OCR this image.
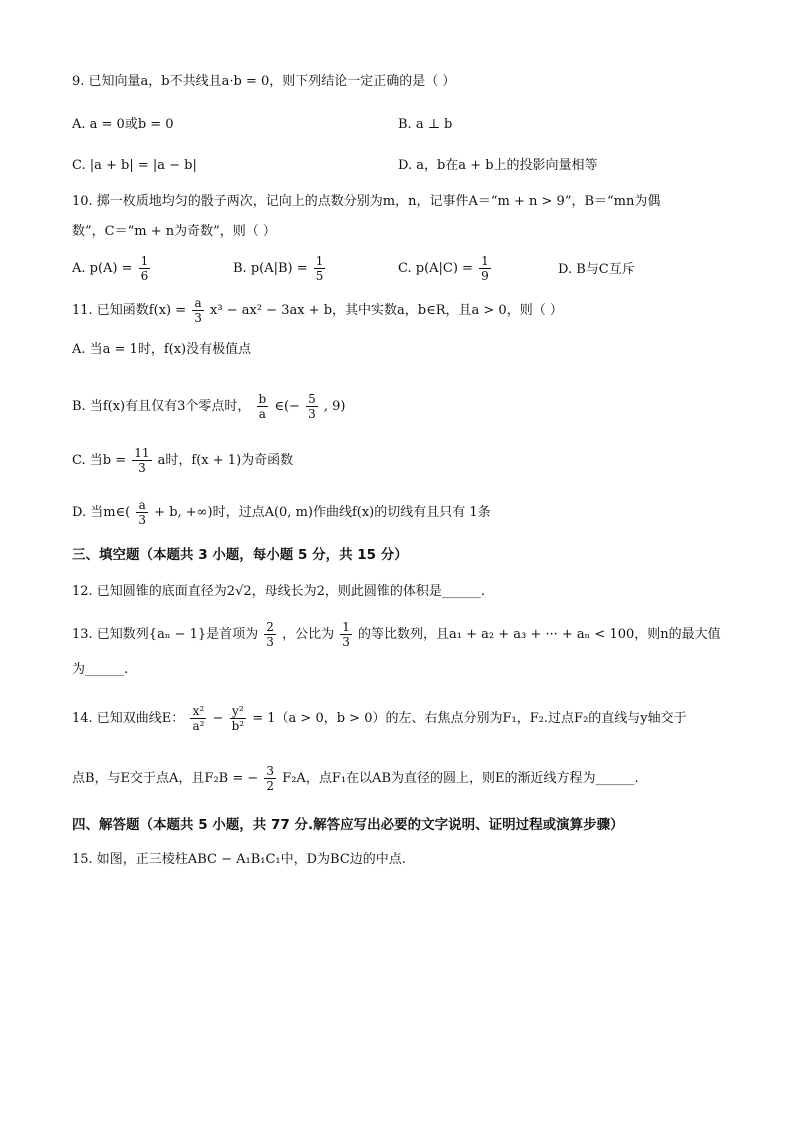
9. 已知向量a，b不共线且a·b = 0，则下列结论一定正确的是（ ）
A. a = 0或b = 0	B. a ⊥ b
C. |a + b| = |a − b|	D. a，b在a + b上的投影向量相等
10. 掷一枚质地均匀的骰子两次，记向上的点数分别为m，n，记事件A＝“m + n > 9”，B＝“mn为偶
数”，C＝“m + n为奇数”，则（ ）
A. $p(A) = \frac{1}{6}$	B. $p(A|B) = \frac{1}{5}$	C. $p(A|C) = \frac{1}{9}$	D. B与C互斥
11. 已知函数$f(x) = \frac{a}{3} x^3 - ax^2 - 3ax + b$，其中实数a，b∈R，且a > 0，则（ ）
A. 当a = 1时，f(x)没有极值点
B. 当f(x)有且仅有3个零点时， $\frac{b}{a}$ ∈(− $\frac{5}{3}$ , 9)
C. 当$b = \frac{11}{3}$ a时，f(x + 1)为奇函数
D. 当m∈( $\frac{a}{3} + b$, +∞)时，过点A(0, m)作曲线f(x)的切线有且只有 1条
三、填空题（本题共 3 小题，每小题 5 分，共 15 分）
12. 已知圆锥的底面直径为2√2，母线长为2，则此圆锥的体积是______.
13. 已知数列{aₙ − 1}是首项为 $\frac{2}{3}$ ，公比为 $\frac{1}{3}$ 的等比数列，且a₁ + a₂ + a₃ + ··· + aₙ < 100，则n的最大值
为______.
14. 已知双曲线E： $\frac{\text{x²}}{\text{a²}} - \frac{\text{y²}}{\text{b²}} = 1(a > 0$，b > 0）的左、右焦点分别为F₁，F₂.过点F₂的直线与y轴交于
点B，与E交于点A，且F₂B = − $\frac{3}{2} F_2A$，点F₁在以AB为直径的圆上，则E的渐近线方程为______.
四、解答题（本题共 5 小题，共 77 分.解答应写出必要的文字说明、证明过程或演算步骤）
15. 如图，正三棱柱ABC − A₁B₁C₁中，D为BC边的中点.
